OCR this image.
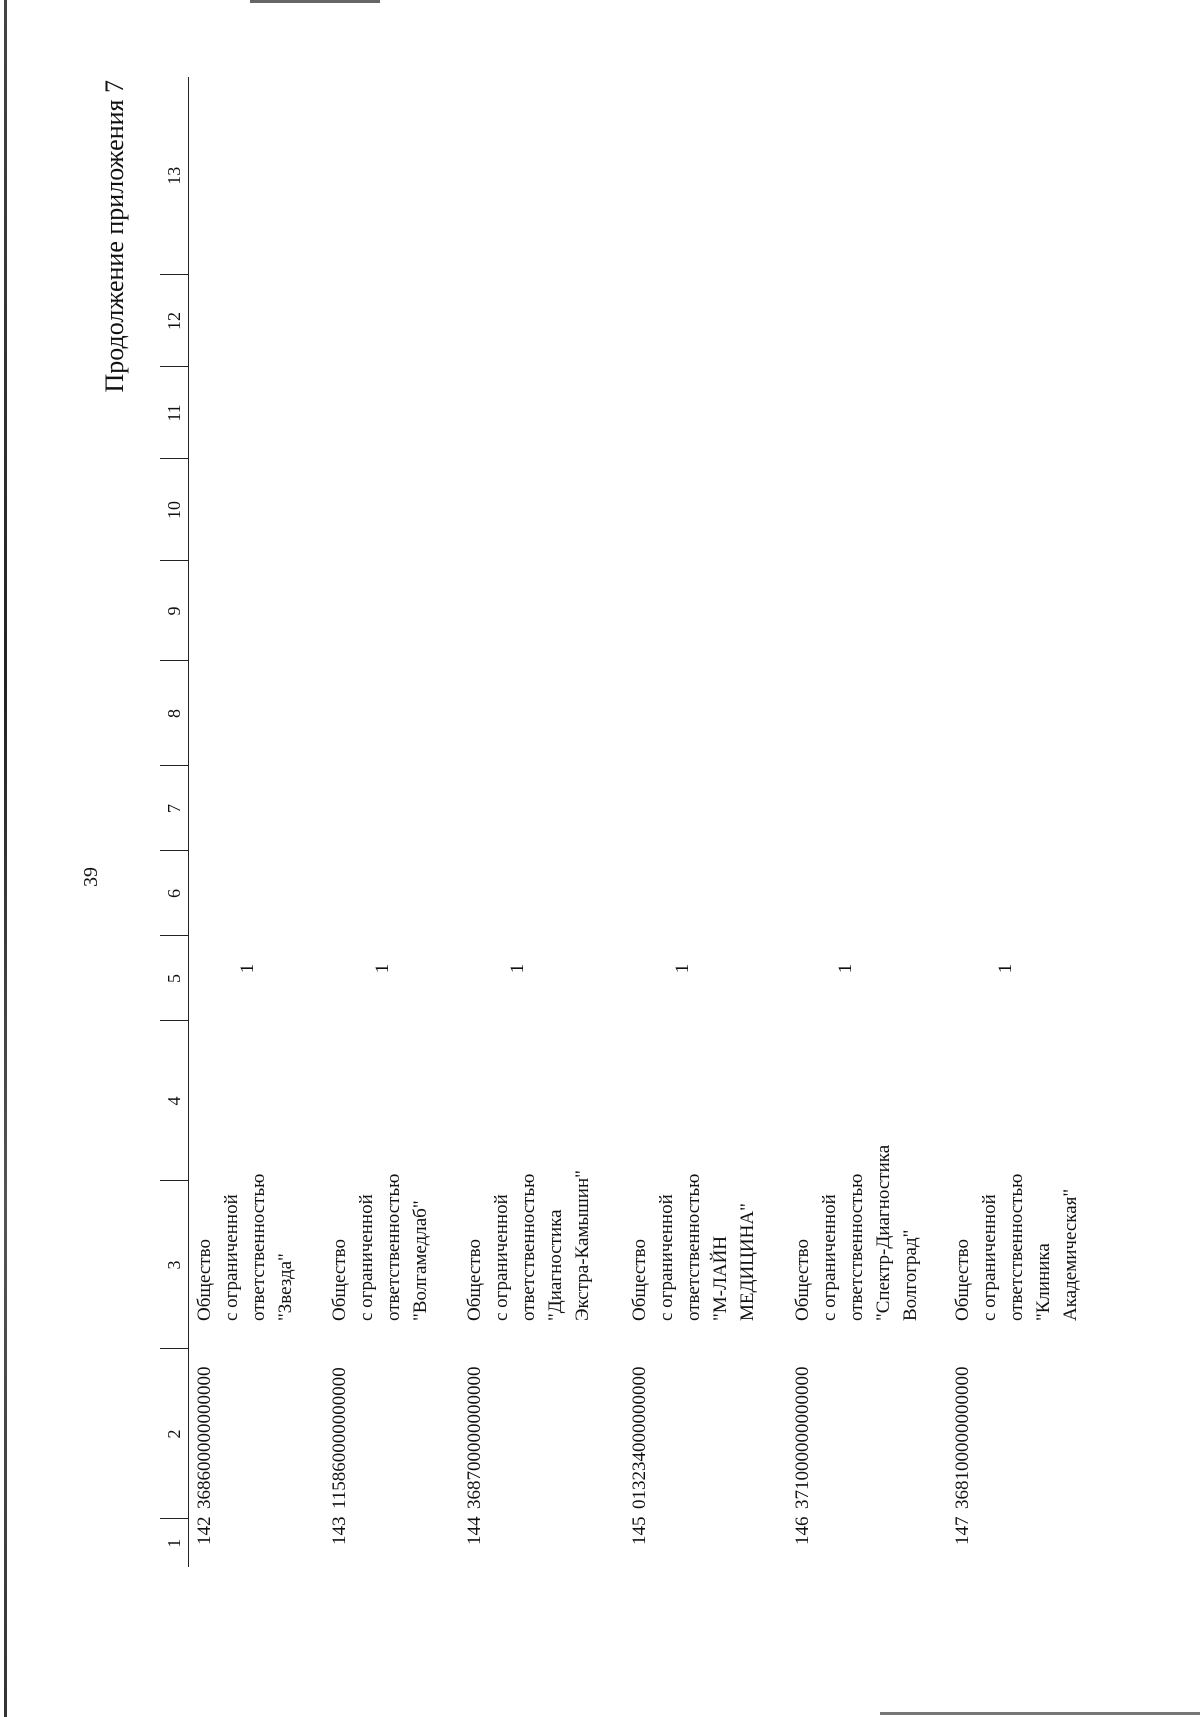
39
Продолжение приложения 7
1	2	3	4	5	6	7	8	9	10	11	12	13
142	368600000000000	Общество с ограниченной ответственностью "Звезда"		1								
143	115860000000000	Общество с ограниченной ответственностью "Волгамедлаб"		1								
144	368700000000000	Общество с ограниченной ответственностью "Диагностика Экстра-Камышин"		1								
145	013234000000000	Общество с ограниченной ответственностью "М-ЛАЙН МЕДИЦИНА"		1								
146	371000000000000	Общество с ограниченной ответственностью "Спектр-Диагностика Волгоград"		1								
147	368100000000000	Общество с ограниченной ответственностью "Клиника Академическая"		1								
